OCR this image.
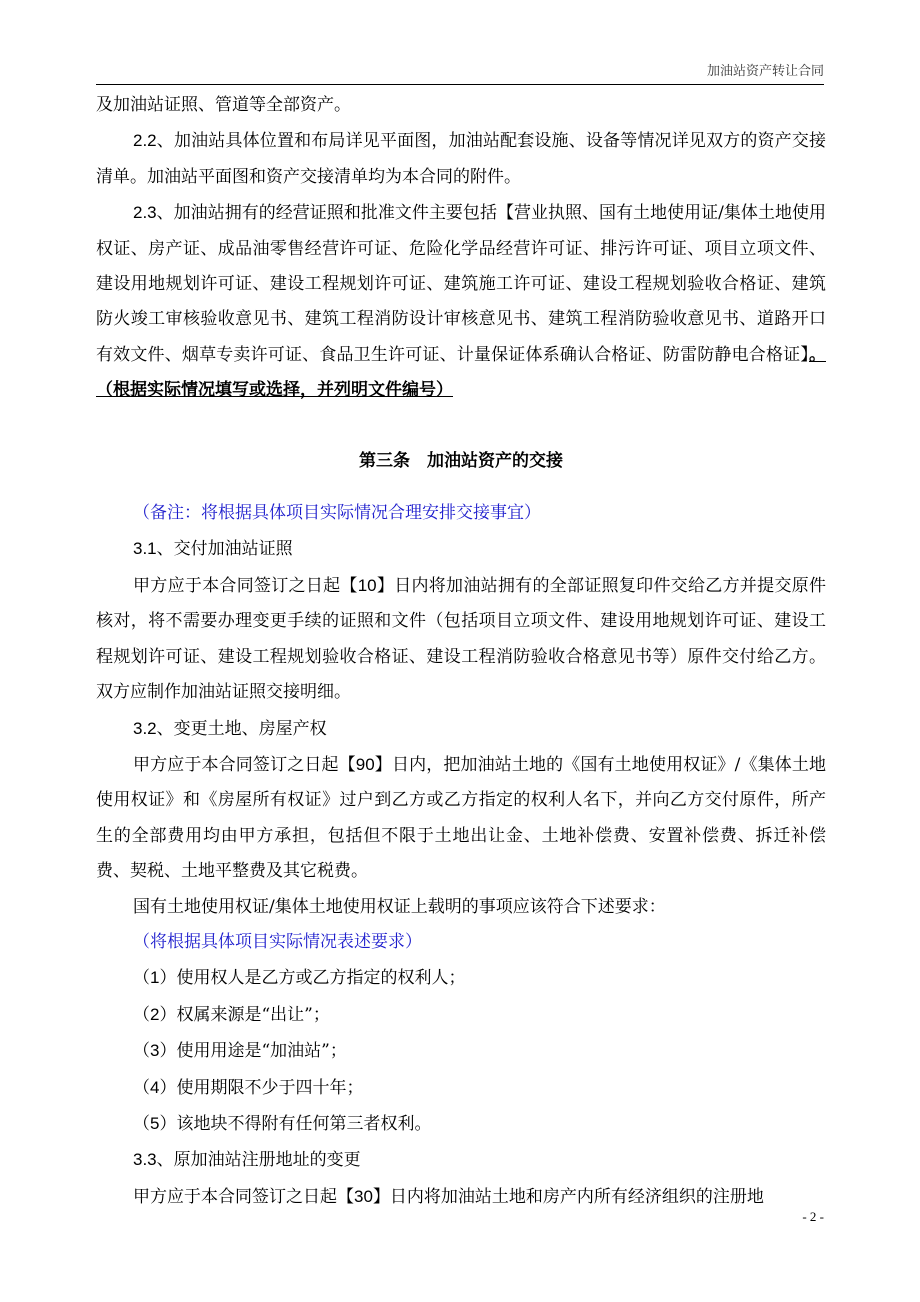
加油站资产转让合同

及加油站证照、管道等全部资产。

2.2、加油站具体位置和布局详见平面图，加油站配套设施、设备等情况详见双方的资产交接清单。加油站平面图和资产交接清单均为本合同的附件。

2.3、加油站拥有的经营证照和批准文件主要包括【营业执照、国有土地使用证/集体土地使用权证、房产证、成品油零售经营许可证、危险化学品经营许可证、排污许可证、项目立项文件、建设用地规划许可证、建设工程规划许可证、建筑施工许可证、建设工程规划验收合格证、建筑防火竣工审核验收意见书、建筑工程消防设计审核意见书、建筑工程消防验收意见书、道路开口有效文件、烟草专卖许可证、食品卫生许可证、计量保证体系确认合格证、防雷防静电合格证】。（根据实际情况填写或选择，并列明文件编号）

第三条　加油站资产的交接

（备注：将根据具体项目实际情况合理安排交接事宜）

3.1、交付加油站证照

甲方应于本合同签订之日起【10】日内将加油站拥有的全部证照复印件交给乙方并提交原件核对，将不需要办理变更手续的证照和文件（包括项目立项文件、建设用地规划许可证、建设工程规划许可证、建设工程规划验收合格证、建设工程消防验收合格意见书等）原件交付给乙方。双方应制作加油站证照交接明细。

3.2、变更土地、房屋产权

甲方应于本合同签订之日起【90】日内，把加油站土地的《国有土地使用权证》/《集体土地使用权证》和《房屋所有权证》过户到乙方或乙方指定的权利人名下，并向乙方交付原件，所产生的全部费用均由甲方承担，包括但不限于土地出让金、土地补偿费、安置补偿费、拆迁补偿费、契税、土地平整费及其它税费。

国有土地使用权证/集体土地使用权证上载明的事项应该符合下述要求：

（将根据具体项目实际情况表述要求）

（1）使用权人是乙方或乙方指定的权利人；

（2）权属来源是“出让”；

（3）使用用途是“加油站”；

（4）使用期限不少于四十年；

（5）该地块不得附有任何第三者权利。

3.3、原加油站注册地址的变更

甲方应于本合同签订之日起【30】日内将加油站土地和房产内所有经济组织的注册地

- 2 -
